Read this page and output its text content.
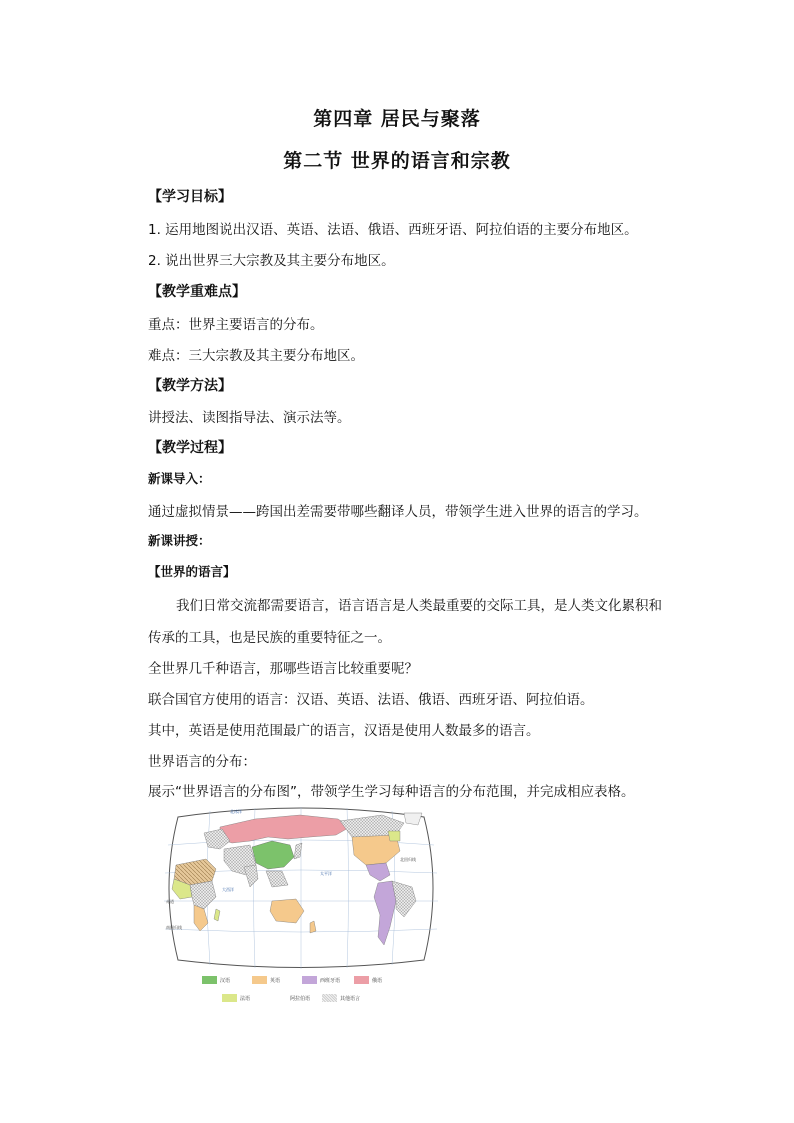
第四章 居民与聚落
第二节 世界的语言和宗教
【学习目标】
1. 运用地图说出汉语、英语、法语、俄语、西班牙语、阿拉伯语的主要分布地区。
2. 说出世界三大宗教及其主要分布地区。
【教学重难点】
重点：世界主要语言的分布。
难点：三大宗教及其主要分布地区。
【教学方法】
讲授法、读图指导法、演示法等。
【教学过程】
新课导入：
通过虚拟情景——跨国出差需要带哪些翻译人员，带领学生进入世界的语言的学习。
新课讲授：
【世界的语言】
我们日常交流都需要语言，语言语言是人类最重要的交际工具，是人类文化累积和
传承的工具，也是民族的重要特征之一。
全世界几千种语言，那哪些语言比较重要呢？
联合国官方使用的语言：汉语、英语、法语、俄语、西班牙语、阿拉伯语。
其中，英语是使用范围最广的语言，汉语是使用人数最多的语言。
世界语言的分布：
展示“世界语言的分布图”，带领学生学习每种语言的分布范围，并完成相应表格。
北冰洋
太平洋
大西洋
赤道
南回归线
北回归线
汉语	英语	西班牙语	俄语
法语	阿拉伯语	其他语言
